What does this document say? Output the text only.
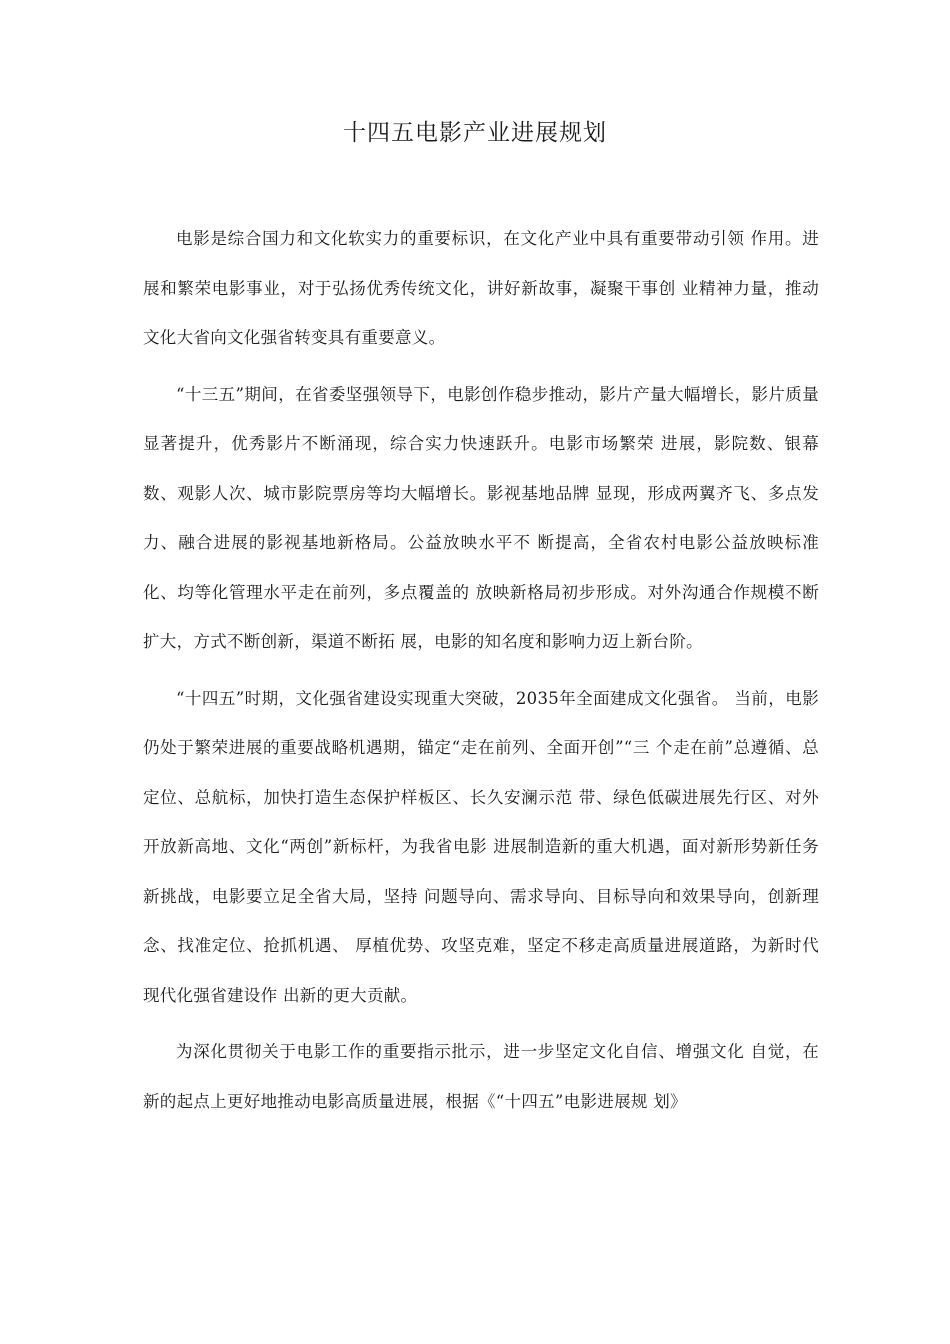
十四五电影产业进展规划

电影是综合国力和文化软实力的重要标识，在文化产业中具有重要带动引领 作用。进展和繁荣电影事业，对于弘扬优秀传统文化，讲好新故事，凝聚干事创 业精神力量，推动文化大省向文化强省转变具有重要意义。

“十三五”期间，在省委坚强领导下，电影创作稳步推动，影片产量大幅增长，影片质量显著提升，优秀影片不断涌现，综合实力快速跃升。电影市场繁荣 进展，影院数、银幕数、观影人次、城市影院票房等均大幅增长。影视基地品牌 显现，形成两翼齐飞、多点发力、融合进展的影视基地新格局。公益放映水平不 断提高，全省农村电影公益放映标准化、均等化管理水平走在前列，多点覆盖的 放映新格局初步形成。对外沟通合作规模不断扩大，方式不断创新，渠道不断拓 展，电影的知名度和影响力迈上新台阶。

“十四五”时期，文化强省建设实现重大突破，2035年全面建成文化强省。 当前，电影仍处于繁荣进展的重要战略机遇期，锚定“走在前列、全面开创”“三 个走在前”总遵循、总定位、总航标，加快打造生态保护样板区、长久安澜示范 带、绿色低碳进展先行区、对外开放新高地、文化“两创”新标杆，为我省电影 进展制造新的重大机遇，面对新形势新任务新挑战，电影要立足全省大局，坚持 问题导向、需求导向、目标导向和效果导向，创新理念、找准定位、抢抓机遇、 厚植优势、攻坚克难，坚定不移走高质量进展道路，为新时代现代化强省建设作 出新的更大贡献。

为深化贯彻关于电影工作的重要指示批示，进一步坚定文化自信、增强文化 自觉，在新的起点上更好地推动电影高质量进展，根据《“十四五”电影进展规 划》
